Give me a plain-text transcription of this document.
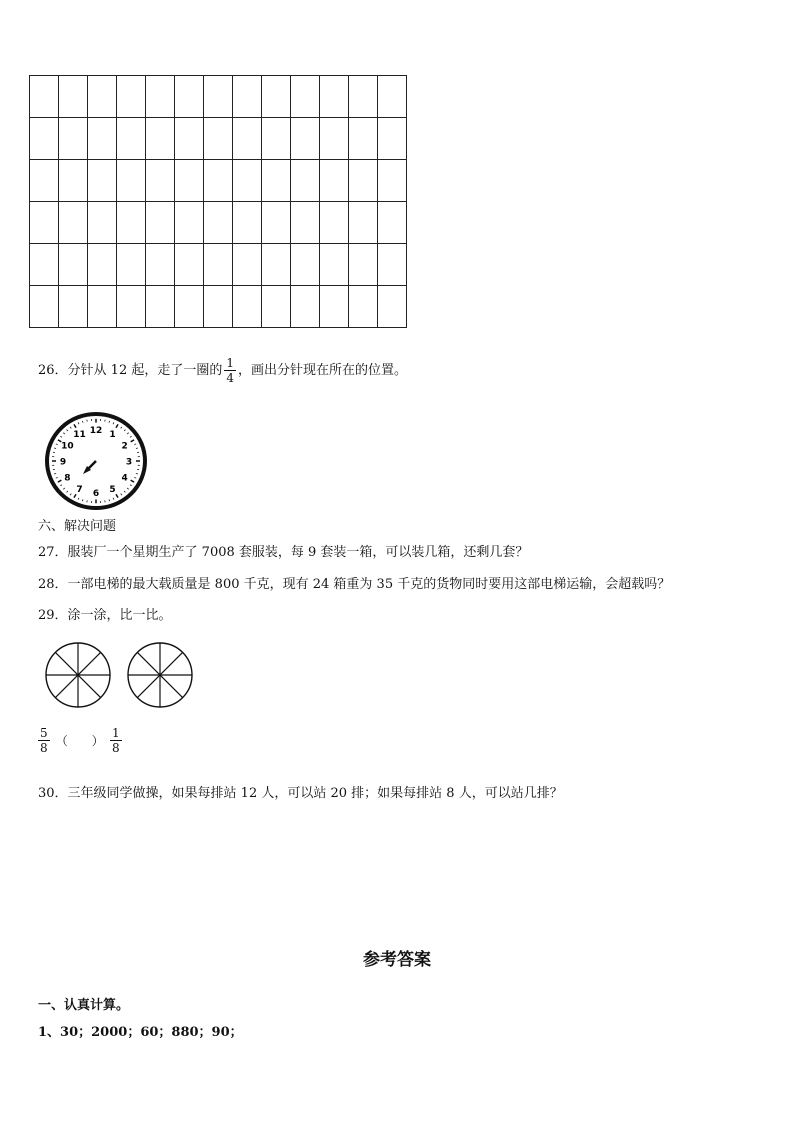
26．分针从 12 起，走了一圈的 $\frac{1}{4}$ ，画出分针现在所在的位置。
12 1
2
3
4
5
6
7
8
9
10
11
六、解决问题
27．服装厂一个星期生产了 7008 套服装，每 9 套装一箱，可以装几箱，还剩几套？
28．一部电梯的最大载质量是 800 千克，现有 24 箱重为 35 千克的货物同时要用这部电梯运输，会超载吗？
29．涂一涂，比一比。
$\frac{5}{8}$ （　　） $\frac{1}{8}$
30．三年级同学做操，如果每排站 12 人，可以站 20 排；如果每排站 8 人，可以站几排？
参考答案
一、认真计算。
1、30；2000；60；880；90；
